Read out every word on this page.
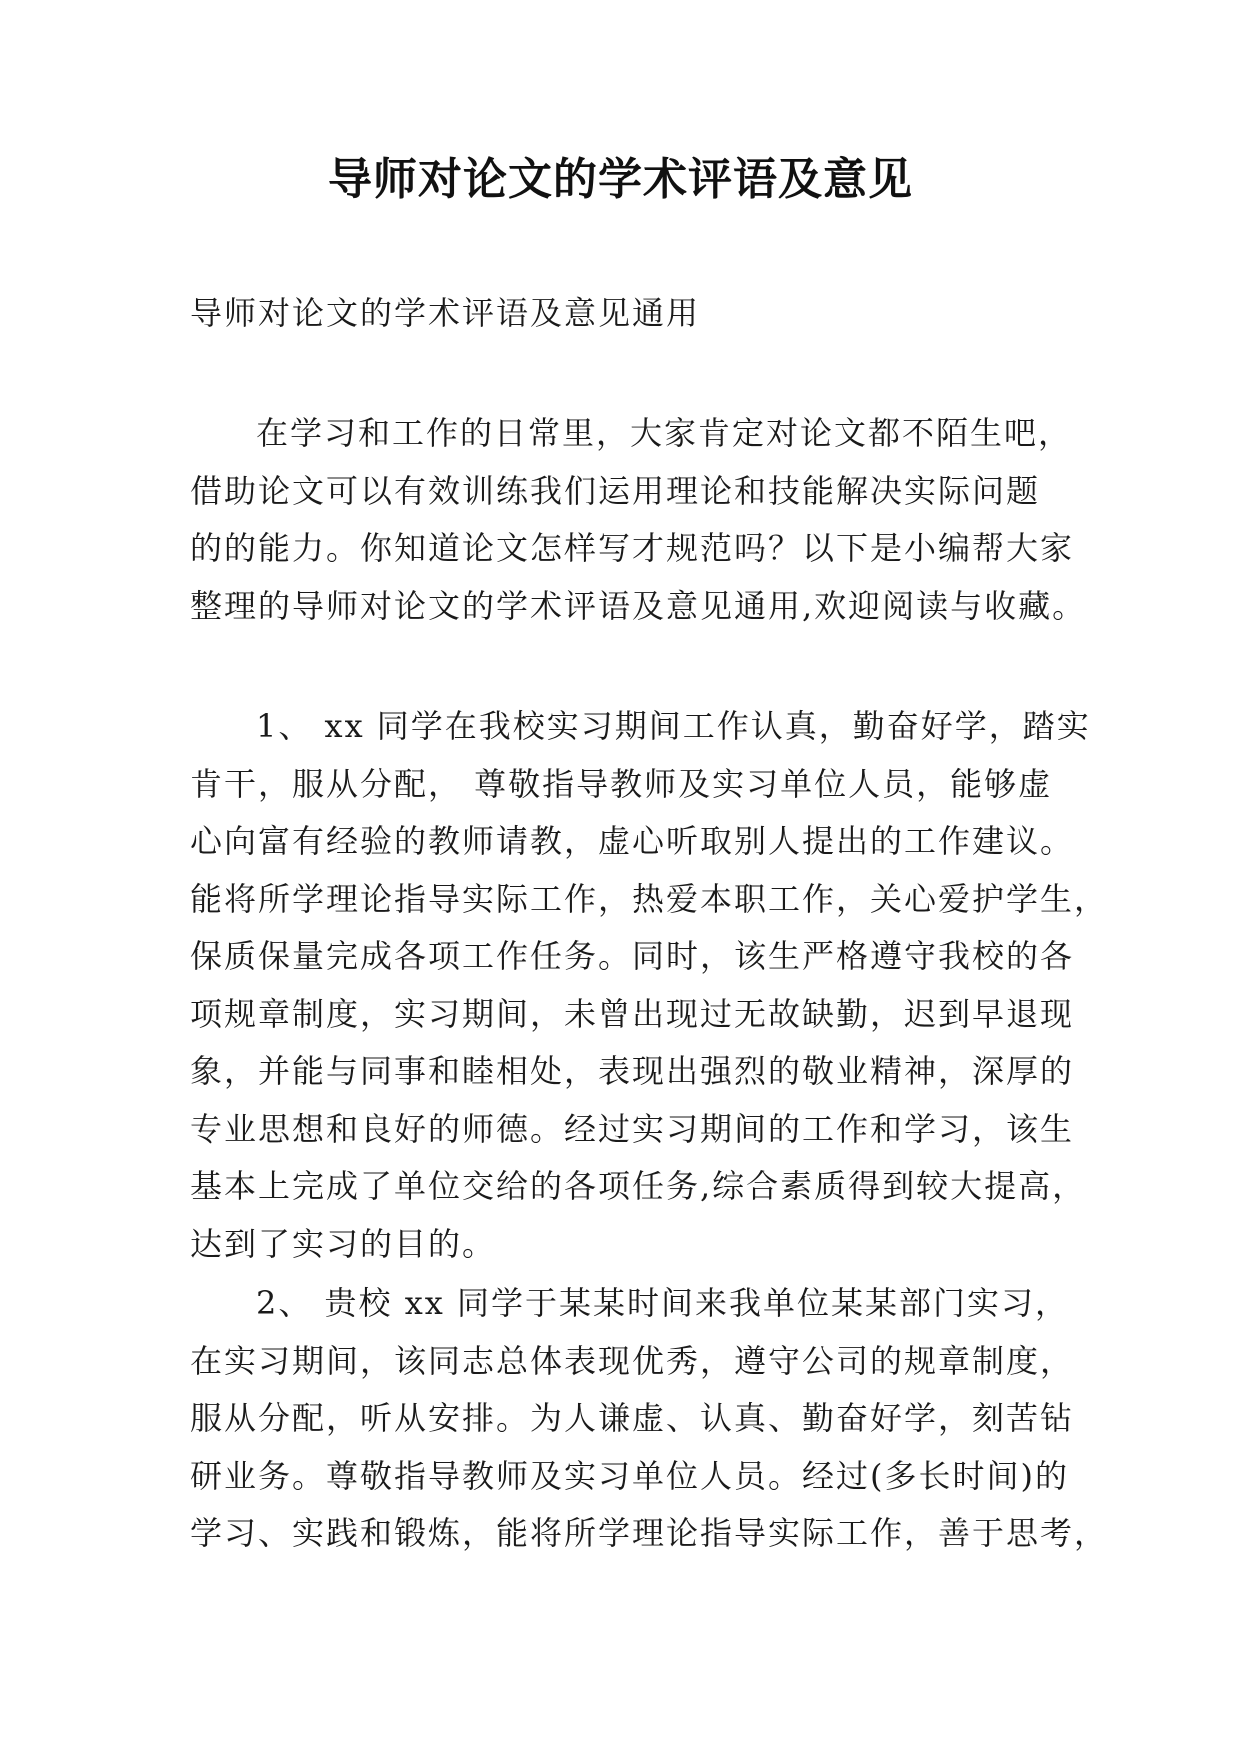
导师对论文的学术评语及意见

导师对论文的学术评语及意见通用

在学习和工作的日常里，大家肯定对论文都不陌生吧，
借助论文可以有效训练我们运用理论和技能解决实际问题
的的能力。你知道论文怎样写才规范吗？以下是小编帮大家
整理的导师对论文的学术评语及意见通用,欢迎阅读与收藏。
1、 xx 同学在我校实习期间工作认真，勤奋好学，踏实
肯干，服从分配， 尊敬指导教师及实习单位人员，能够虚
心向富有经验的教师请教，虚心听取别人提出的工作建议。
能将所学理论指导实际工作，热爱本职工作，关心爱护学生，
保质保量完成各项工作任务。同时，该生严格遵守我校的各
项规章制度，实习期间，未曾出现过无故缺勤，迟到早退现
象，并能与同事和睦相处，表现出强烈的敬业精神，深厚的
专业思想和良好的师德。经过实习期间的工作和学习，该生
基本上完成了单位交给的各项任务,综合素质得到较大提高，
达到了实习的目的。
2、 贵校 xx 同学于某某时间来我单位某某部门实习，
在实习期间，该同志总体表现优秀，遵守公司的规章制度，
服从分配，听从安排。为人谦虚、认真、勤奋好学，刻苦钻
研业务。尊敬指导教师及实习单位人员。经过(多长时间)的
学习、实践和锻炼，能将所学理论指导实际工作，善于思考，
